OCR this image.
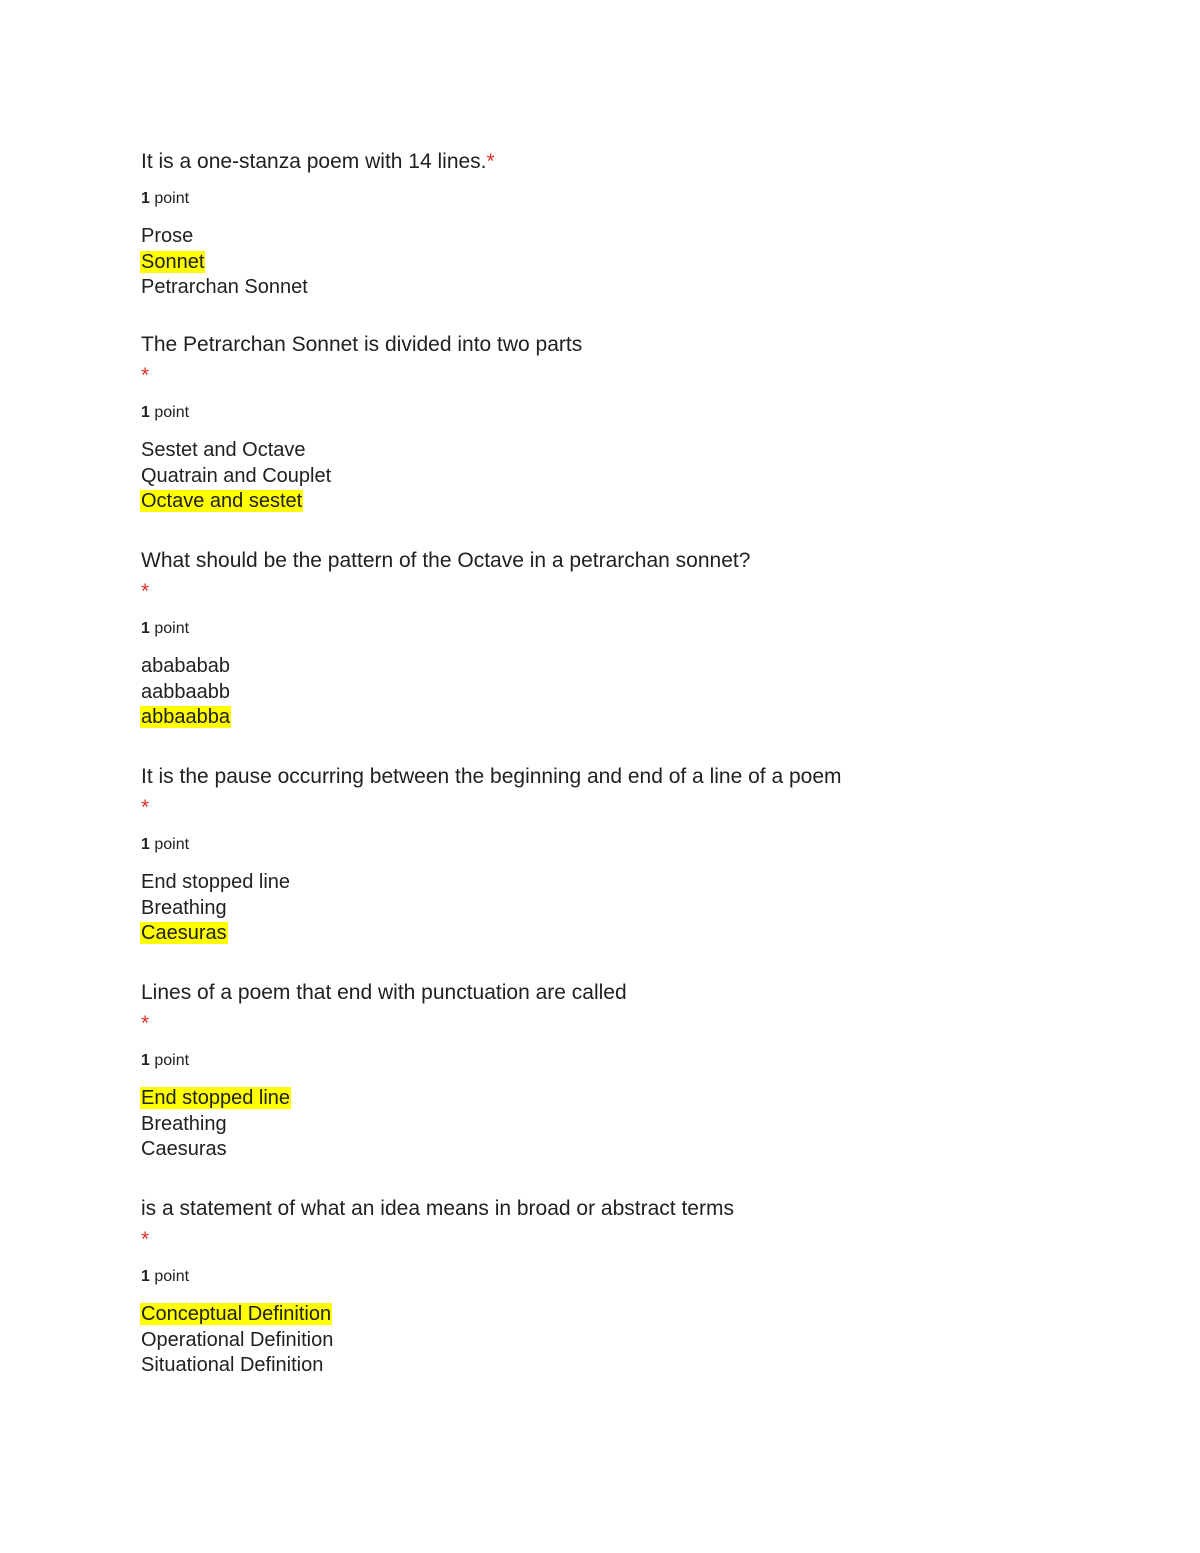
It is a one-stanza poem with 14 lines.*
1 point
Prose
Sonnet
Petrarchan Sonnet
The Petrarchan Sonnet is divided into two parts
*
1 point
Sestet and Octave
Quatrain and Couplet
Octave and sestet
What should be the pattern of the Octave in a petrarchan sonnet?
*
1 point
abababab
aabbaabb
abbaabba
It is the pause occurring between the beginning and end of a line of a poem
*
1 point
End stopped line
Breathing
Caesuras
Lines of a poem that end with punctuation are called
*
1 point
End stopped line
Breathing
Caesuras
is a statement of what an idea means in broad or abstract terms
*
1 point
Conceptual Definition
Operational Definition
Situational Definition
